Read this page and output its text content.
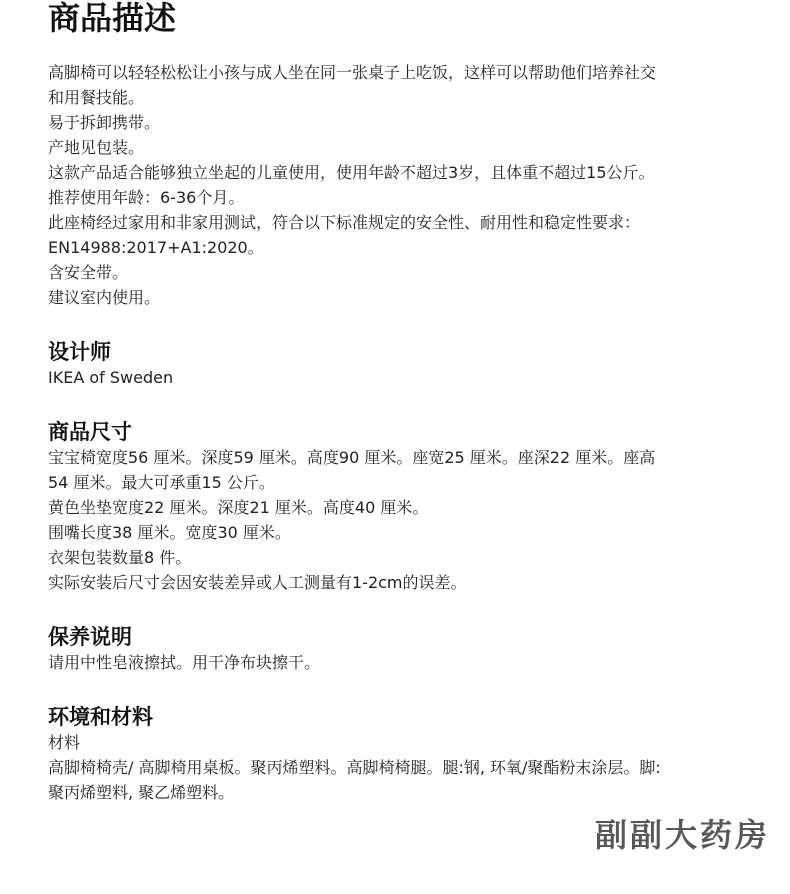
商品描述

高脚椅可以轻轻松松让小孩与成人坐在同一张桌子上吃饭，这样可以帮助他们培养社交

和用餐技能。

易于拆卸携带。

产地见包装。

这款产品适合能够独立坐起的儿童使用，使用年龄不超过3岁，且体重不超过15公斤。

推荐使用年龄：6-36个月。

此座椅经过家用和非家用测试，符合以下标准规定的安全性、耐用性和稳定性要求：

EN14988:2017+A1:2020。

含安全带。

建议室内使用。

设计师

IKEA of Sweden

商品尺寸

宝宝椅宽度56 厘米。深度59 厘米。高度90 厘米。座宽25 厘米。座深22 厘米。座高

54 厘米。最大可承重15 公斤。

黄色坐垫宽度22 厘米。深度21 厘米。高度40 厘米。

围嘴长度38 厘米。宽度30 厘米。

衣架包装数量8 件。

实际安装后尺寸会因安装差异或人工测量有1-2cm的误差。

保养说明

请用中性皂液擦拭。用干净布块擦干。

环境和材料

材料

高脚椅椅壳/ 高脚椅用桌板。聚丙烯塑料。高脚椅椅腿。腿:钢, 环氧/聚酯粉末涂层。脚:

聚丙烯塑料, 聚乙烯塑料。

副副大药房
